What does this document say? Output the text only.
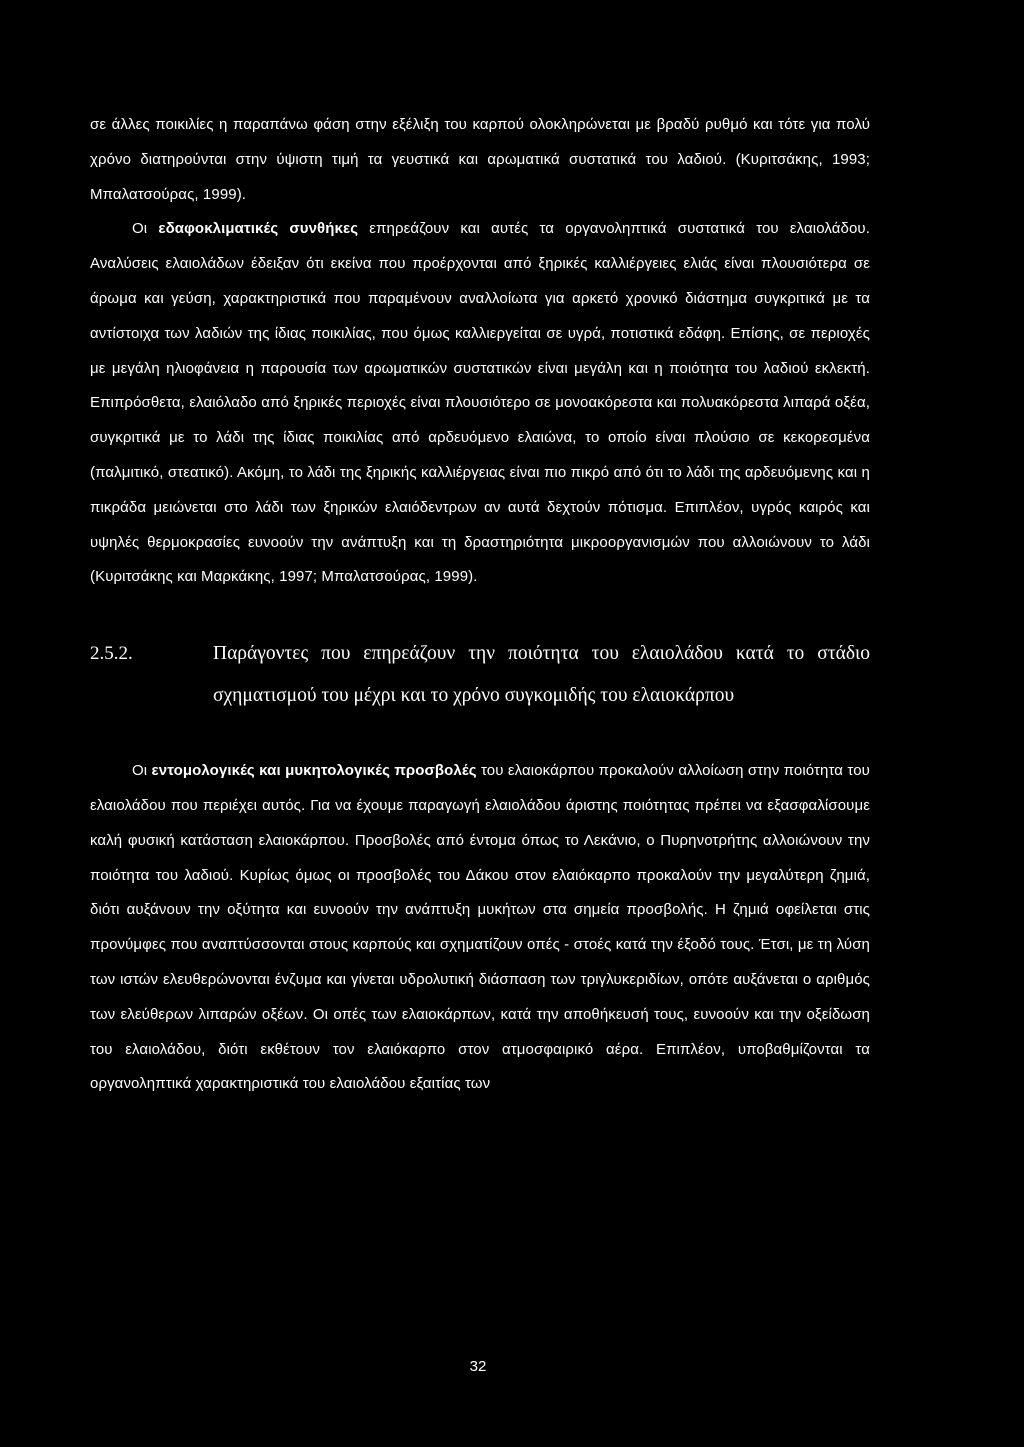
σε άλλες ποικιλίες η παραπάνω φάση στην εξέλιξη του καρπού ολοκληρώνεται με βραδύ ρυθμό και τότε για πολύ χρόνο διατηρούνται στην ύψιστη τιμή τα γευστικά και αρωματικά συστατικά του λαδιού. (Κυριτσάκης, 1993; Μπαλατσούρας, 1999).

Οι εδαφοκλιματικές συνθήκες επηρεάζουν και αυτές τα οργανοληπτικά συστατικά του ελαιολάδου. Αναλύσεις ελαιολάδων έδειξαν ότι εκείνα που προέρχονται από ξηρικές καλλιέργειες ελιάς είναι πλουσιότερα σε άρωμα και γεύση, χαρακτηριστικά που παραμένουν αναλλοίωτα για αρκετό χρονικό διάστημα συγκριτικά με τα αντίστοιχα των λαδιών της ίδιας ποικιλίας, που όμως καλλιεργείται σε υγρά, ποτιστικά εδάφη. Επίσης, σε περιοχές με μεγάλη ηλιοφάνεια η παρουσία των αρωματικών συστατικών είναι μεγάλη και η ποιότητα του λαδιού εκλεκτή. Επιπρόσθετα, ελαιόλαδο από ξηρικές περιοχές είναι πλουσιότερο σε μονοακόρεστα και πολυακόρεστα λιπαρά οξέα, συγκριτικά με το λάδι της ίδιας ποικιλίας από αρδευόμενο ελαιώνα, το οποίο είναι πλούσιο σε κεκορεσμένα (παλμιτικό, στεατικό). Ακόμη, το λάδι της ξηρικής καλλιέργειας είναι πιο πικρό από ότι το λάδι της αρδευόμενης και η πικράδα μειώνεται στο λάδι των ξηρικών ελαιόδεντρων αν αυτά δεχτούν πότισμα. Επιπλέον, υγρός καιρός και υψηλές θερμοκρασίες ευνοούν την ανάπτυξη και τη δραστηριότητα μικροοργανισμών που αλλοιώνουν το λάδι (Κυριτσάκης και Μαρκάκης, 1997; Μπαλατσούρας, 1999).

2.5.2.	Παράγοντες που επηρεάζουν την ποιότητα του ελαιολάδου κατά το στάδιο σχηματισμού του μέχρι και το χρόνο συγκομιδής του ελαιοκάρπου

Οι εντομολογικές και μυκητολογικές προσβολές του ελαιοκάρπου προκαλούν αλλοίωση στην ποιότητα του ελαιολάδου που περιέχει αυτός. Για να έχουμε παραγωγή ελαιολάδου άριστης ποιότητας πρέπει να εξασφαλίσουμε καλή φυσική κατάσταση ελαιοκάρπου. Προσβολές από έντομα όπως το Λεκάνιο, ο Πυρηνοτρήτης αλλοιώνουν την ποιότητα του λαδιού. Κυρίως όμως οι προσβολές του Δάκου στον ελαιόκαρπο προκαλούν την μεγαλύτερη ζημιά, διότι αυξάνουν την οξύτητα και ευνοούν την ανάπτυξη μυκήτων στα σημεία προσβολής. Η ζημιά οφείλεται στις προνύμφες που αναπτύσσονται στους καρπούς και σχηματίζουν οπές - στοές κατά την έξοδό τους. Έτσι, με τη λύση των ιστών ελευθερώνονται ένζυμα και γίνεται υδρολυτική διάσπαση των τριγλυκεριδίων, οπότε αυξάνεται ο αριθμός των ελεύθερων λιπαρών οξέων. Οι οπές των ελαιοκάρπων, κατά την αποθήκευσή τους, ευνοούν και την οξείδωση του ελαιολάδου, διότι εκθέτουν τον ελαιόκαρπο στον ατμοσφαιρικό αέρα. Επιπλέον, υποβαθμίζονται τα οργανοληπτικά χαρακτηριστικά του ελαιολάδου εξαιτίας των

32
